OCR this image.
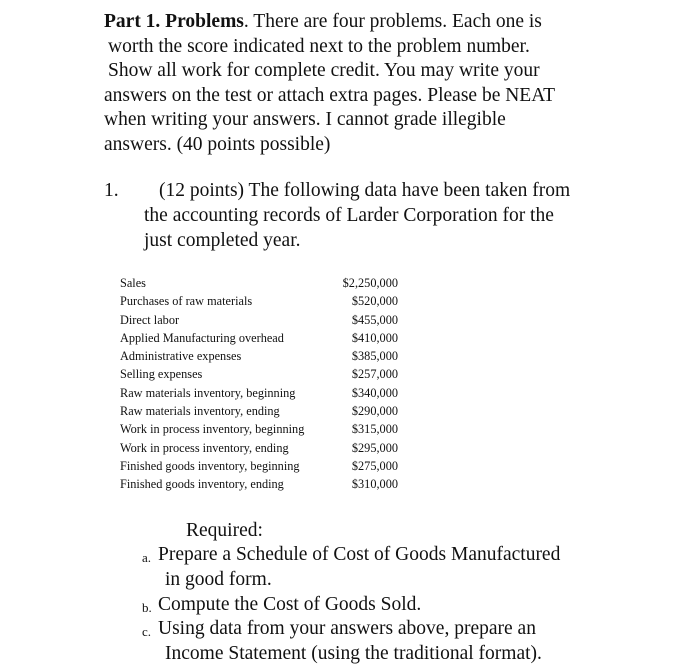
Part 1. Problems. There are four problems. Each one is
worth the score indicated next to the problem number.
Show all work for complete credit. You may write your
answers on the test or attach extra pages. Please be NEAT
when writing your answers. I cannot grade illegible
answers. (40 points possible)

1.	(12 points) The following data have been taken from
the accounting records of Larder Corporation for the
just completed year.
Sales	$2,250,000
Purchases of raw materials	$520,000
Direct labor	$455,000
Applied Manufacturing overhead	$410,000
Administrative expenses	$385,000
Selling expenses	$257,000
Raw materials inventory, beginning	$340,000
Raw materials inventory, ending	$290,000
Work in process inventory, beginning	$315,000
Work in process inventory, ending	$295,000
Finished goods inventory, beginning	$275,000
Finished goods inventory, ending	$310,000

Required:

a. Prepare a Schedule of Cost of Goods Manufactured
in good form.
b. Compute the Cost of Goods Sold.
c. Using data from your answers above, prepare an
Income Statement (using the traditional format).
